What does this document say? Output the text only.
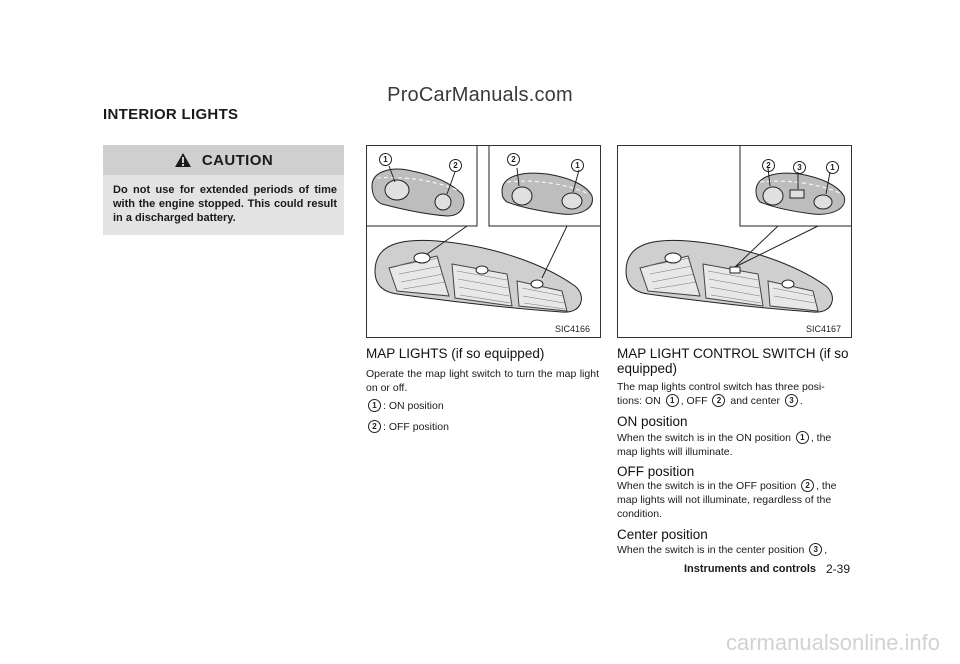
ProCarManuals.com
INTERIOR LIGHTS
CAUTION
Do not use for extended periods of time with the engine stopped. This could result in a discharged battery.
1
2
2
1
SIC4166
2	3	1
SIC4167
MAP LIGHTS (if so equipped)
Operate the map light switch to turn the map light on or off.
1 : ON position
2 : OFF position
MAP LIGHT CONTROL SWITCH (if so
equipped)
The map lights control switch has three posi-
tions: ON 1 , OFF 2 and center 3 .
ON position
When the switch is in the ON position 1 , the
map lights will illuminate.
OFF position
When the switch is in the OFF position 2 , the
map lights will not illuminate, regardless of the
condition.
Center position
When the switch is in the center position 3 ,
Instruments and controls 2-39
carmanualsonline.info
